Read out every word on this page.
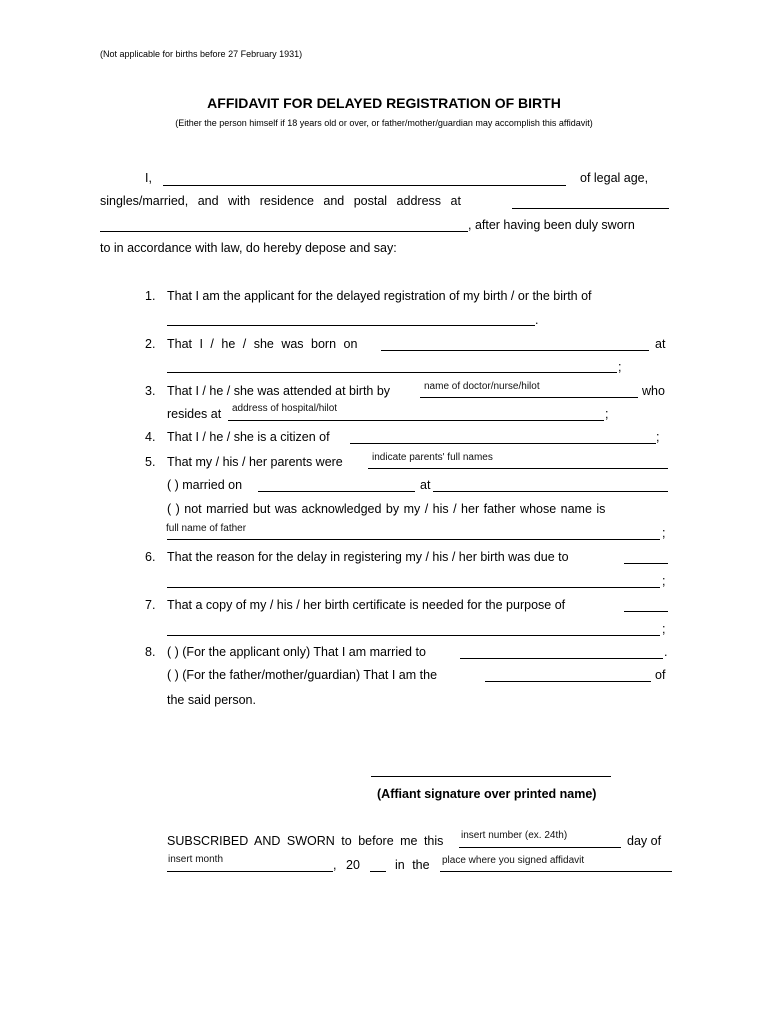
(Not applicable for births before 27 February 1931)
AFFIDAVIT FOR DELAYED REGISTRATION OF BIRTH
(Either the person himself if 18 years old or over, or father/mother/guardian may accomplish this affidavit)
I,	of legal age,
singles/married, and with residence and postal address at
, after having been duly sworn
to in accordance with law, do hereby depose and say:
1. That I am the applicant for the delayed registration of my birth / or the birth of
.
2. That I / he / she was born on	at
;
3. That I / he / she was attended at birth by	name of doctor/nurse/hilot	who
resides at address of hospital/hilot	;
4. That I / he / she is a citizen of	;
5. That my / his / her parents were	indicate parents' full names
( ) married on	at
( ) not married but was acknowledged by my / his / her father whose name is
full name of father	;
6. That the reason for the delay in registering my / his / her birth was due to
;
7. That a copy of my / his / her birth certificate is needed for the purpose of
;
8. ( ) (For the applicant only) That I am married to	.
( ) (For the father/mother/guardian) That I am the	of
the said person.
(Affiant signature over printed name)
SUBSCRIBED AND SWORN to before me this insert number (ex. 24th)	day of
insert month	, 20	in the place where you signed affidavit
